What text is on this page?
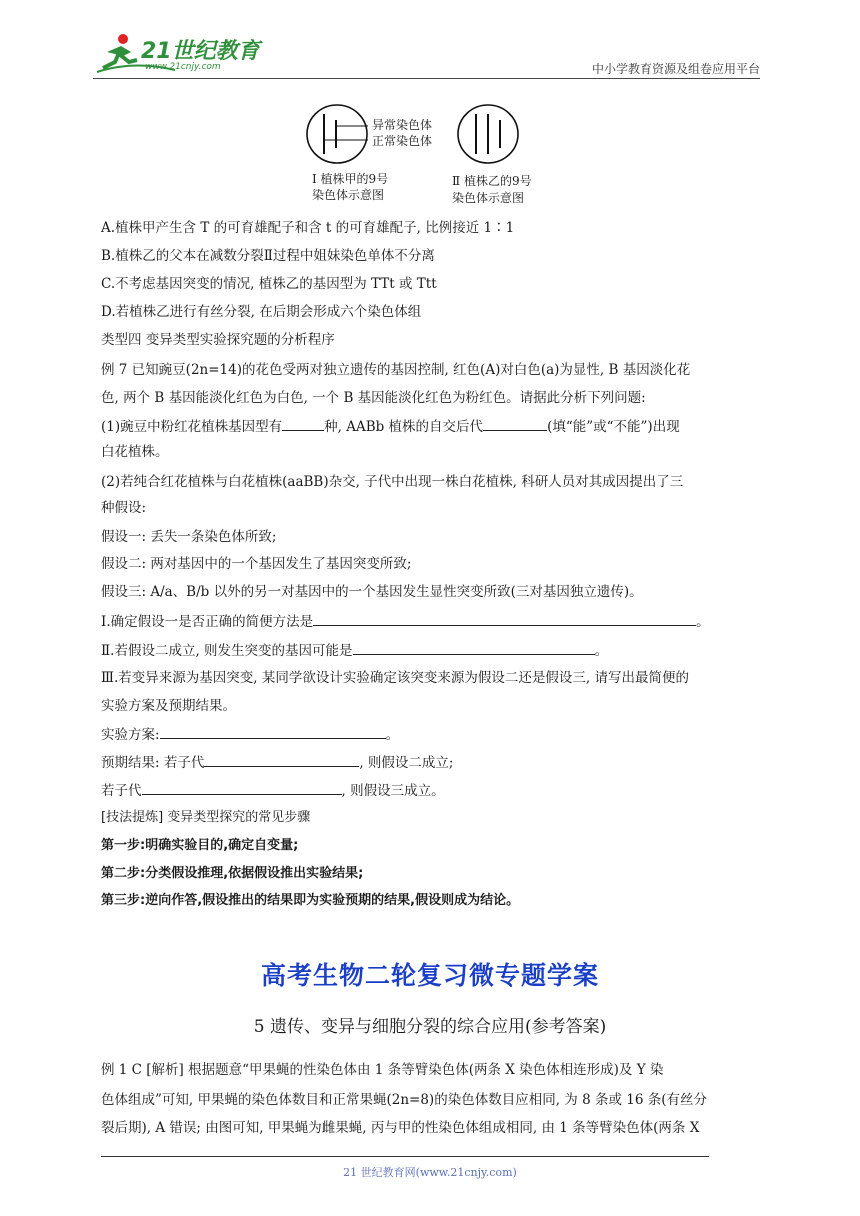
21世纪教育
www.21cnjy.com	中小学教育资源及组卷应用平台
异常染色体
正常染色体
Ⅰ 植株甲的9号
染色体示意图
Ⅱ 植株乙的9号
染色体示意图
A.植株甲产生含 T 的可育雄配子和含 t 的可育雄配子, 比例接近 1∶1
B.植株乙的父本在减数分裂Ⅱ过程中姐妹染色单体不分离
C.不考虑基因突变的情况, 植株乙的基因型为 TTt 或 Ttt
D.若植株乙进行有丝分裂, 在后期会形成六个染色体组
类型四 变异类型实验探究题的分析程序
例 7 已知豌豆(2n=14)的花色受两对独立遗传的基因控制, 红色(A)对白色(a)为显性, B 基因淡化花
色, 两个 B 基因能淡化红色为白色, 一个 B 基因能淡化红色为粉红色。请据此分析下列问题:
(1)豌豆中粉红花植株基因型有	种, AABb 植株的自交后代	(填“能”或“不能”)出现
白花植株。
(2)若纯合红花植株与白花植株(aaBB)杂交, 子代中出现一株白花植株, 科研人员对其成因提出了三
种假设:
假设一: 丢失一条染色体所致;
假设二: 两对基因中的一个基因发生了基因突变所致;
假设三: A/a、B/b 以外的另一对基因中的一个基因发生显性突变所致(三对基因独立遗传)。
Ⅰ.确定假设一是否正确的简便方法是	。
Ⅱ.若假设二成立, 则发生突变的基因可能是	。
Ⅲ.若变异来源为基因突变, 某同学欲设计实验确定该突变来源为假设二还是假设三, 请写出最简便的
实验方案及预期结果。
实验方案:	。
预期结果: 若子代	, 则假设二成立;
若子代	, 则假设三成立。
[技法提炼] 变异类型探究的常见步骤
第一步:明确实验目的,确定自变量;
第二步:分类假设推理,依据假设推出实验结果;
第三步:逆向作答,假设推出的结果即为实验预期的结果,假设则成为结论。
高考生物二轮复习微专题学案
5 遗传、变异与细胞分裂的综合应用(参考答案)
例 1 C [解析] 根据题意“甲果蝇的性染色体由 1 条等臂染色体(两条 X 染色体相连形成)及 Y 染
色体组成”可知, 甲果蝇的染色体数目和正常果蝇(2n=8)的染色体数目应相同, 为 8 条或 16 条(有丝分
裂后期), A 错误; 由图可知, 甲果蝇为雌果蝇, 丙与甲的性染色体组成相同, 由 1 条等臂染色体(两条 X
21 世纪教育网(www.21cnjy.com)
